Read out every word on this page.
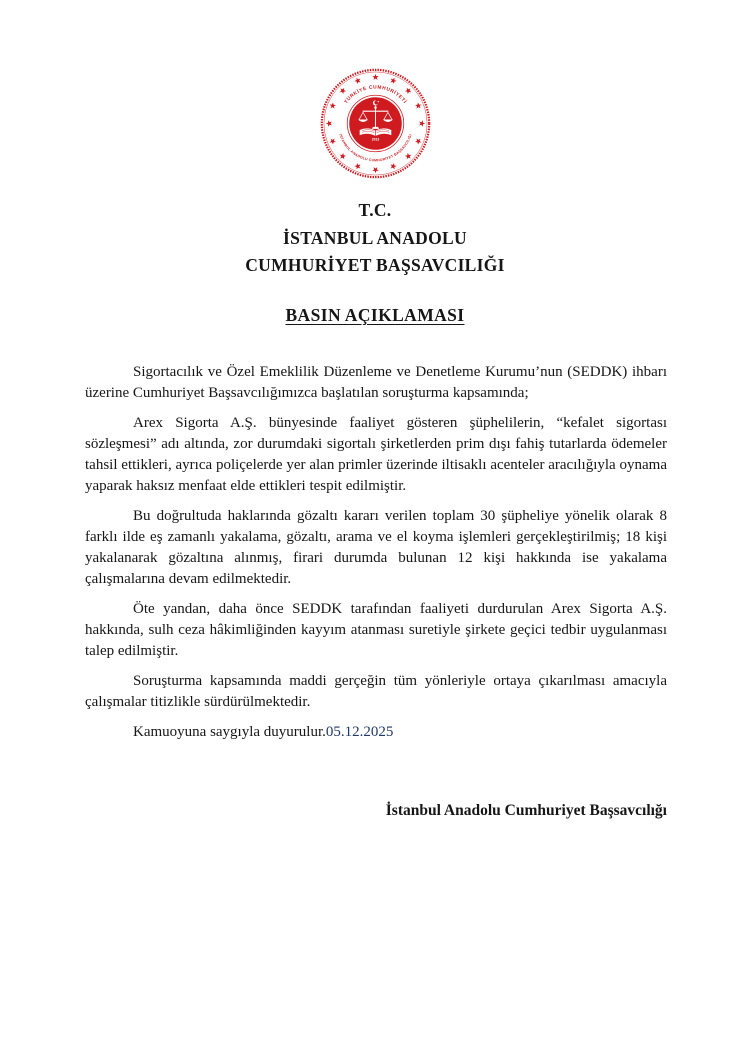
TÜRKİYE CUMHURİYETİ
İSTANBUL ANADOLU CUMHURİYET BAŞSAVCILIĞI
2013
T.C.
İSTANBUL ANADOLU
CUMHURİYET BAŞSAVCILIĞI
BASIN AÇIKLAMASI

Sigortacılık ve Özel Emeklilik Düzenleme ve Denetleme Kurumu’nun (SEDDK) ihbarı üzerine Cumhuriyet Başsavcılığımızca başlatılan soruşturma kapsamında;

Arex Sigorta A.Ş. bünyesinde faaliyet gösteren şüphelilerin, “kefalet sigortası sözleşmesi” adı altında, zor durumdaki sigortalı şirketlerden prim dışı fahiş tutarlarda ödemeler tahsil ettikleri, ayrıca poliçelerde yer alan primler üzerinde iltisaklı acenteler aracılığıyla oynama yaparak haksız menfaat elde ettikleri tespit edilmiştir.

Bu doğrultuda haklarında gözaltı kararı verilen toplam 30 şüpheliye yönelik olarak 8 farklı ilde eş zamanlı yakalama, gözaltı, arama ve el koyma işlemleri gerçekleştirilmiş; 18 kişi yakalanarak gözaltına alınmış, firari durumda bulunan 12 kişi hakkında ise yakalama çalışmalarına devam edilmektedir.

Öte yandan, daha önce SEDDK tarafından faaliyeti durdurulan Arex Sigorta A.Ş. hakkında, sulh ceza hâkimliğinden kayyım atanması suretiyle şirkete geçici tedbir uygulanması talep edilmiştir.

Soruşturma kapsamında maddi gerçeğin tüm yönleriyle ortaya çıkarılması amacıyla çalışmalar titizlikle sürdürülmektedir.

Kamuoyuna saygıyla duyurulur.05.12.2025

İstanbul Anadolu Cumhuriyet Başsavcılığı
